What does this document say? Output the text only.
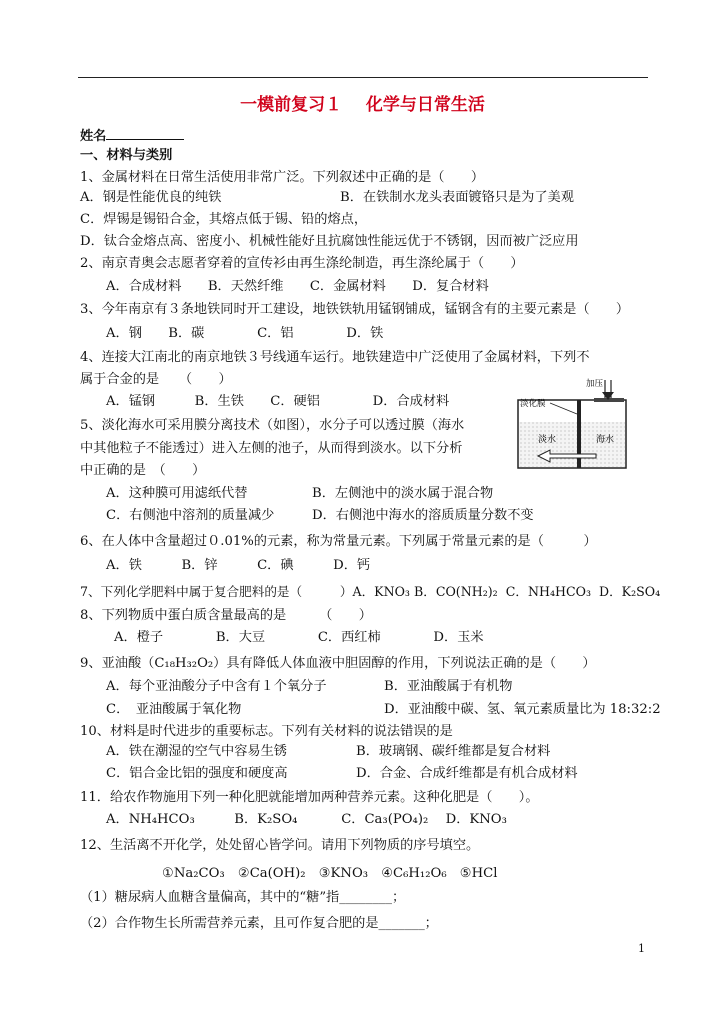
一模前复习１    化学与日常生活
姓名
一、材料与类别
1、金属材料在日常生活使用非常广泛。下列叙述中正确的是（　　）
A．钢是性能优良的纯铁	B．在铁制水龙头表面镀铬只是为了美观
C．焊锡是锡铅合金，其熔点低于锡、铅的熔点，
D．钛合金熔点高、密度小、机械性能好且抗腐蚀性能远优于不锈钢，因而被广泛应用
2、南京青奥会志愿者穿着的宣传衫由再生涤纶制造，再生涤纶属于（　　）
A．合成材料　　B．天然纤维　　C．金属材料　　D．复合材料
3、今年南京有３条地铁同时开工建设，地铁铁轨用锰钢铺成，锰钢含有的主要元素是（　　）
A．钢　　B．碳　　　　C．铝　　　　D．铁
4、连接大江南北的南京地铁３号线通车运行。地铁建造中广泛使用了金属材料，下列不
属于合金的是　　（　　）
A．锰钢　　　B．生铁　　C．硬铝　　　　D．合成材料
5、淡化海水可采用膜分离技术（如图），水分子可以透过膜（海水
中其他粒子不能透过）进入左侧的池子，从而得到淡水。以下分析
中正确的是　（　　）
A．这种膜可用滤纸代替	B．左侧池中的淡水属于混合物
C．右侧池中溶剂的质量减少	D．右侧池中海水的溶质质量分数不变
6、在人体中含量超过０.01%的元素，称为常量元素。下列属于常量元素的是（　　　）
A．铁　　　B．锌　　　C．碘　　　D．钙
7、下列化学肥料中属于复合肥料的是（　　　）A．KNO₃ B．CO(NH₂)₂  C．NH₄HCO₃  D．K₂SO₄
8、下列物质中蛋白质含量最高的是　　　（　　）
A．橙子　　　　B．大豆　　　　C．西红柿　　　　D．玉米
9、亚油酸（C₁₈H₃₂O₂）具有降低人体血液中胆固醇的作用，下列说法正确的是（　　）
A．每个亚油酸分子中含有１个氧分子	B．亚油酸属于有机物
C．　亚油酸属于氧化物	D．亚油酸中碳、氢、氧元素质量比为 18:32:2
10、材料是时代进步的重要标志。下列有关材料的说法错误的是
A．铁在潮湿的空气中容易生锈	B．玻璃钢、碳纤维都是复合材料
C．铝合金比铝的强度和硬度高	D．合金、合成纤维都是有机合成材料
11．给农作物施用下列一种化肥就能增加两种营养元素。这种化肥是（　　）。
A．NH₄HCO₃　　　B．K₂SO₄　　　 C．Ca₃(PO₄)₂　 D．KNO₃
12、生活离不开化学，处处留心皆学问。请用下列物质的序号填空。
①Na₂CO₃　②Ca(OH)₂　③KNO₃　④C₆H₁₂O₆　⑤HCl
（1）糖尿病人血糖含量偏高，其中的“糖”指________；
（2）合作物生长所需营养元素，且可作复合肥的是_______；
淡化膜
加压
淡水	海水
1
